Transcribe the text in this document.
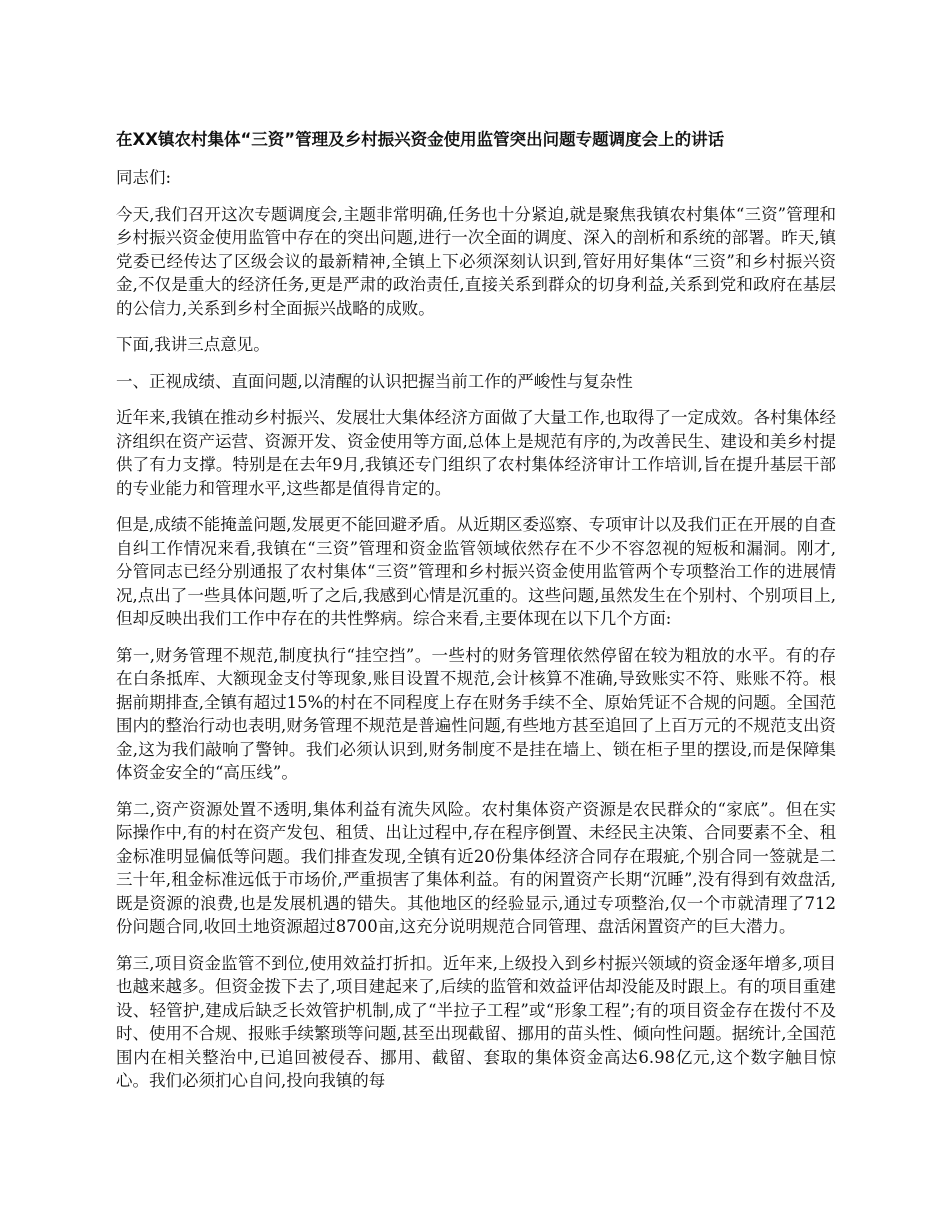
在XX镇农村集体“三资”管理及乡村振兴资金使用监管突出问题专题调度会上的讲话

同志们:

今天,我们召开这次专题调度会,主题非常明确,任务也十分紧迫,就是聚焦我镇农村集体“三资”管理和乡村振兴资金使用监管中存在的突出问题,进行一次全面的调度、深入的剖析和系统的部署。昨天,镇党委已经传达了区级会议的最新精神,全镇上下必须深刻认识到,管好用好集体“三资”和乡村振兴资金,不仅是重大的经济任务,更是严肃的政治责任,直接关系到群众的切身利益,关系到党和政府在基层的公信力,关系到乡村全面振兴战略的成败。

下面,我讲三点意见。

一、正视成绩、直面问题,以清醒的认识把握当前工作的严峻性与复杂性

近年来,我镇在推动乡村振兴、发展壮大集体经济方面做了大量工作,也取得了一定成效。各村集体经济组织在资产运营、资源开发、资金使用等方面,总体上是规范有序的,为改善民生、建设和美乡村提供了有力支撑。特别是在去年9月,我镇还专门组织了农村集体经济审计工作培训,旨在提升基层干部的专业能力和管理水平,这些都是值得肯定的。

但是,成绩不能掩盖问题,发展更不能回避矛盾。从近期区委巡察、专项审计以及我们正在开展的自查自纠工作情况来看,我镇在“三资”管理和资金监管领域依然存在不少不容忽视的短板和漏洞。刚才,分管同志已经分别通报了农村集体“三资”管理和乡村振兴资金使用监管两个专项整治工作的进展情况,点出了一些具体问题,听了之后,我感到心情是沉重的。这些问题,虽然发生在个别村、个别项目上,但却反映出我们工作中存在的共性弊病。综合来看,主要体现在以下几个方面:

第一,财务管理不规范,制度执行“挂空挡”。一些村的财务管理依然停留在较为粗放的水平。有的存在白条抵库、大额现金支付等现象,账目设置不规范,会计核算不准确,导致账实不符、账账不符。根据前期排查,全镇有超过15%的村在不同程度上存在财务手续不全、原始凭证不合规的问题。全国范围内的整治行动也表明,财务管理不规范是普遍性问题,有些地方甚至追回了上百万元的不规范支出资金,这为我们敲响了警钟。我们必须认识到,财务制度不是挂在墙上、锁在柜子里的摆设,而是保障集体资金安全的“高压线”。

第二,资产资源处置不透明,集体利益有流失风险。农村集体资产资源是农民群众的“家底”。但在实际操作中,有的村在资产发包、租赁、出让过程中,存在程序倒置、未经民主决策、合同要素不全、租金标准明显偏低等问题。我们排查发现,全镇有近20份集体经济合同存在瑕疵,个别合同一签就是二三十年,租金标准远低于市场价,严重损害了集体利益。有的闲置资产长期“沉睡”,没有得到有效盘活,既是资源的浪费,也是发展机遇的错失。其他地区的经验显示,通过专项整治,仅一个市就清理了712份问题合同,收回土地资源超过8700亩,这充分说明规范合同管理、盘活闲置资产的巨大潜力。

第三,项目资金监管不到位,使用效益打折扣。近年来,上级投入到乡村振兴领域的资金逐年增多,项目也越来越多。但资金拨下去了,项目建起来了,后续的监管和效益评估却没能及时跟上。有的项目重建设、轻管护,建成后缺乏长效管护机制,成了“半拉子工程”或“形象工程”;有的项目资金存在拨付不及时、使用不合规、报账手续繁琐等问题,甚至出现截留、挪用的苗头性、倾向性问题。据统计,全国范围内在相关整治中,已追回被侵吞、挪用、截留、套取的集体资金高达6.98亿元,这个数字触目惊心。我们必须扪心自问,投向我镇的每
